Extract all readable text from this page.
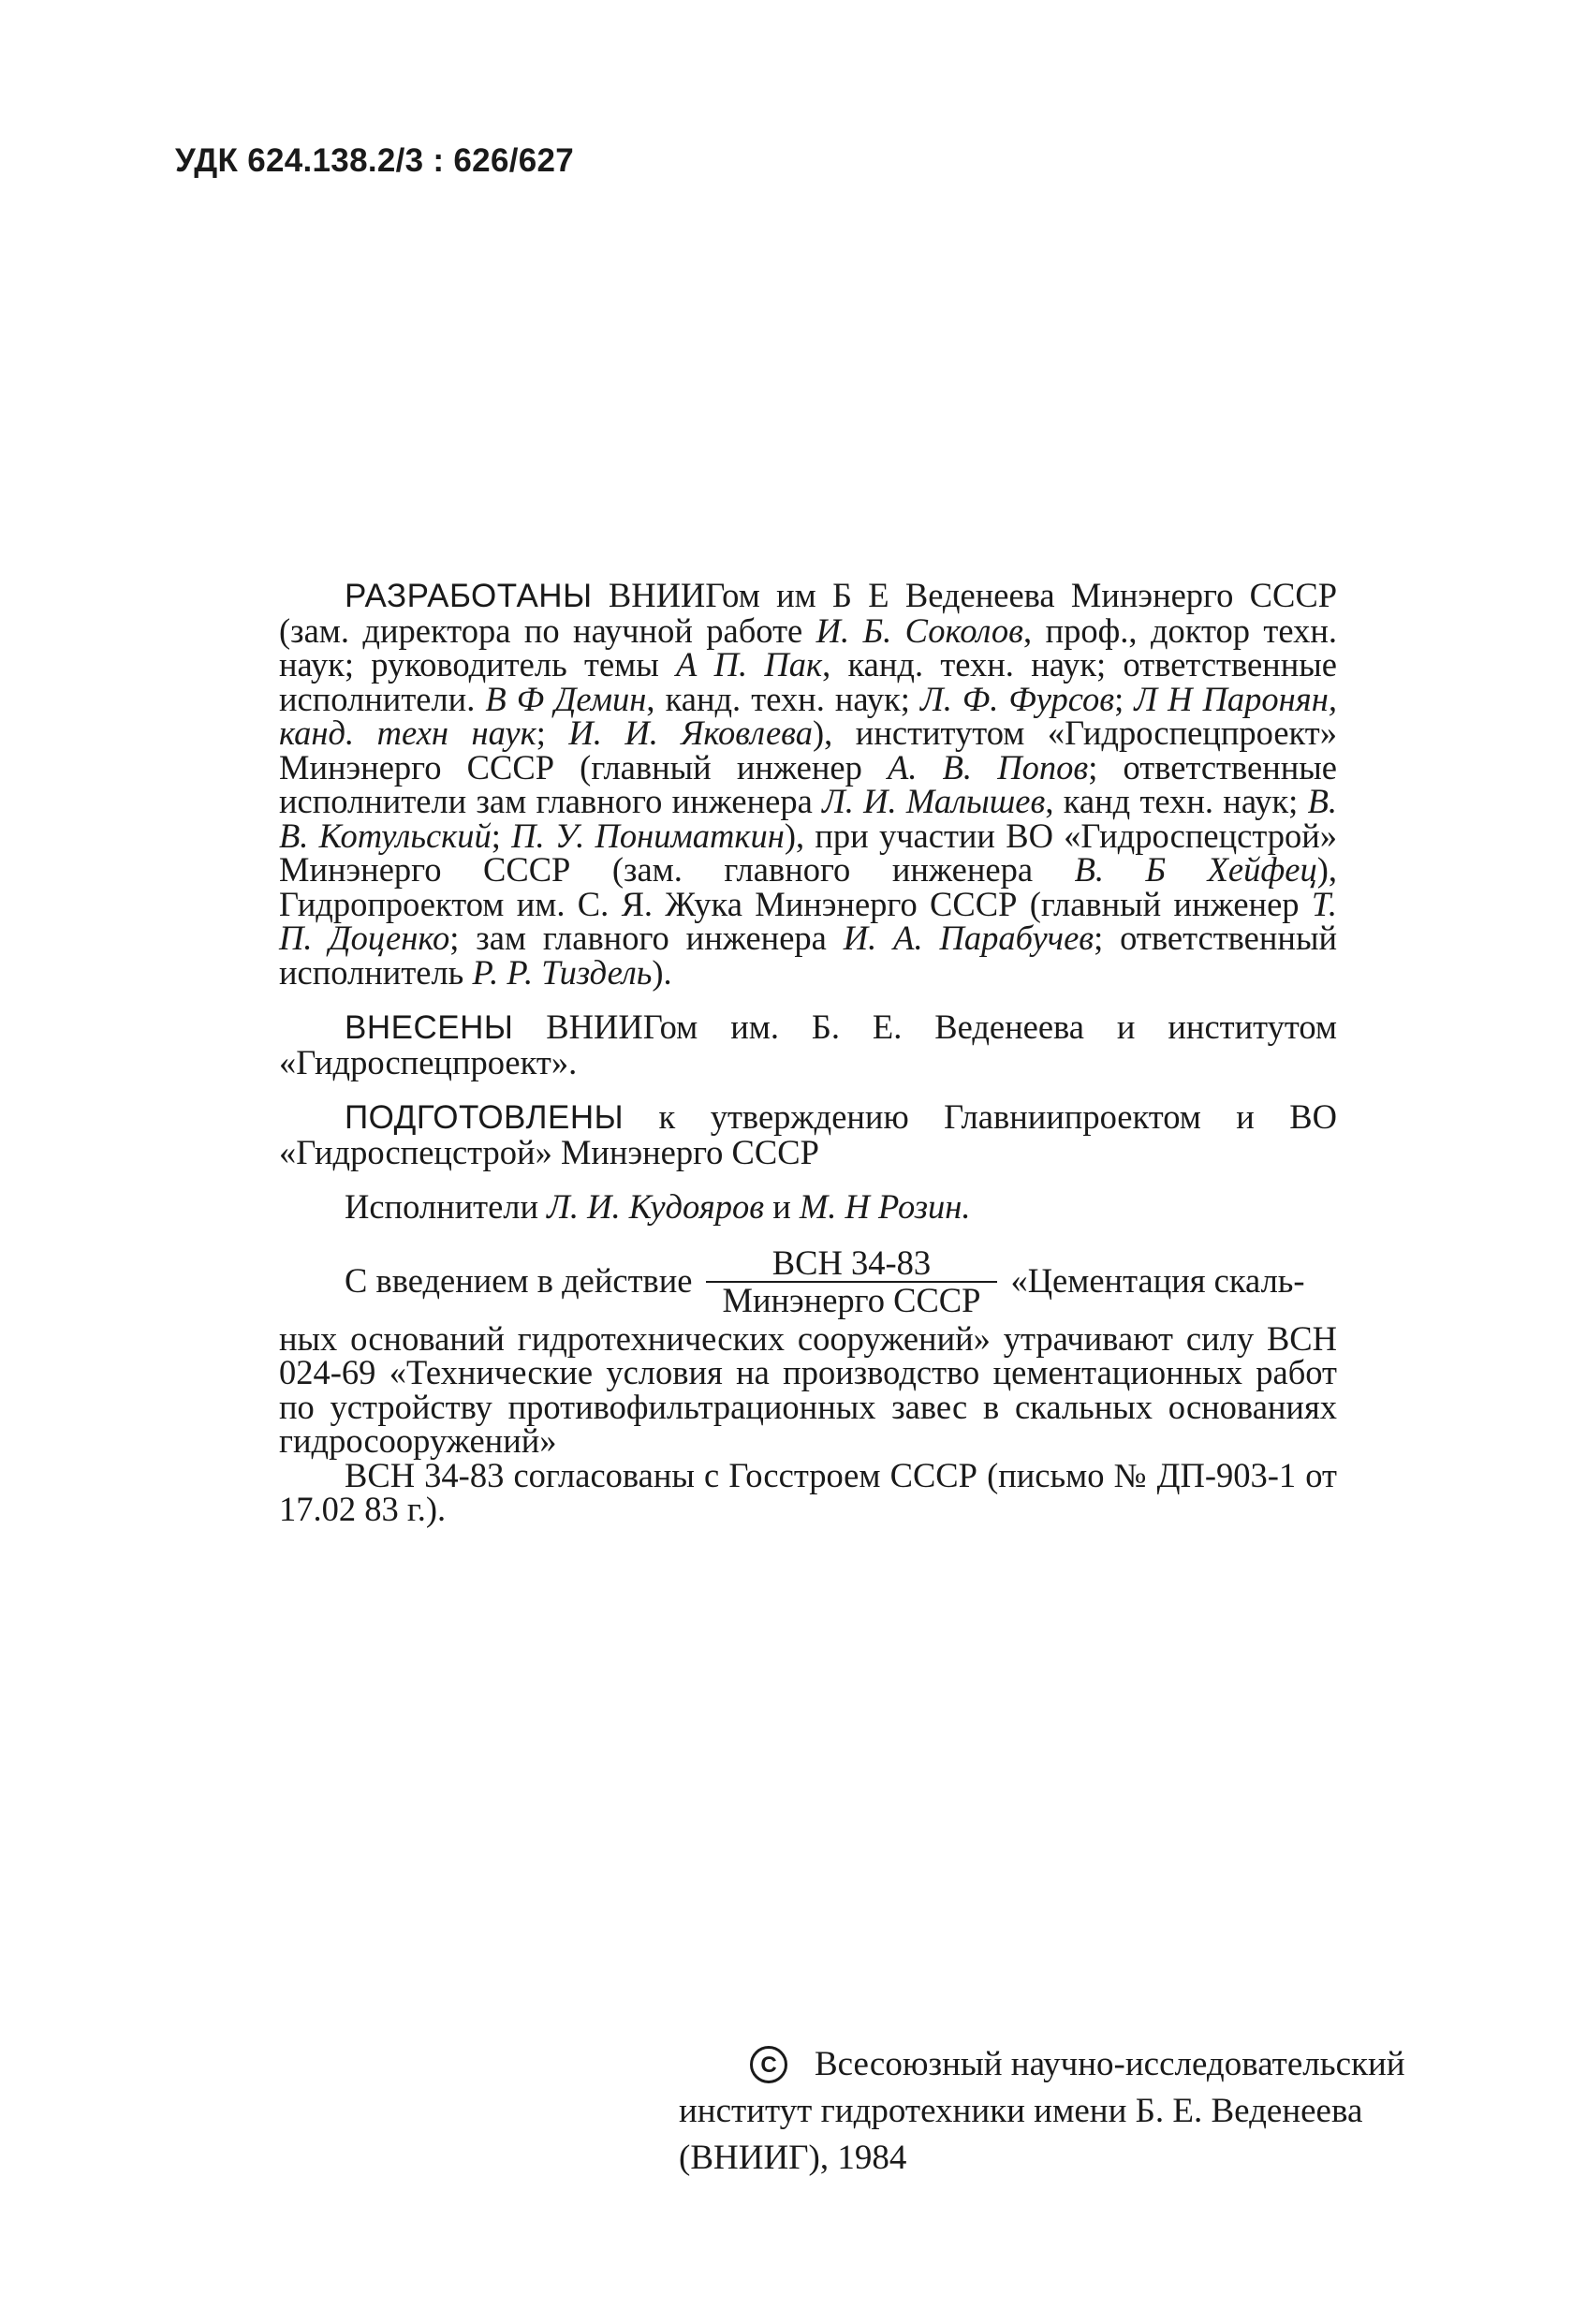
УДК 624.138.2/3 : 626/627

РАЗРАБОТАНЫ ВНИИГом им Б Е Веденеева Минэнерго СССР (зам. директора по научной работе И. Б. Соколов, проф., доктор техн. наук; руководитель темы А П. Пак, канд. техн. наук; ответственные исполнители. В Ф Демин, канд. техн. наук; Л. Ф. Фурсов; Л Н Паронян, канд. техн наук; И. И. Яковлева), институтом «Гидроспецпроект» Минэнерго СССР (главный инженер А. В. Попов; ответственные исполнители зам главного инженера Л. И. Малышев, канд техн. наук; В. В. Котульский; П. У. Пониматкин), при участии ВО «Гидроспецстрой» Минэнерго СССР (зам. главного инженера В. Б Хейфец), Гидропроектом им. С. Я. Жука Минэнерго СССР (главный инженер Т. П. Доценко; зам главного инженера И. А. Парабучев; ответственный исполнитель Р. Р. Тиздель).

ВНЕСЕНЫ ВНИИГом им. Б. Е. Веденеева и институтом «Гидроспецпроект».

ПОДГОТОВЛЕНЫ к утверждению Главниипроектом и ВО «Гидроспецстрой» Минэнерго СССР

Исполнители Л. И. Кудояров и М. Н Розин.

С введением в действие $\frac{\text{ВСН 34-83}}{\text{Минэнерго СССР}}$ «Цементация скаль-

ных оснований гидротехнических сооружений» утрачивают силу ВСН 024-69 «Технические условия на производство цементационных работ по устройству противофильтрационных завес в скальных основаниях гидросооружений»

ВСН 34-83 согласованы с Госстроем СССР (письмо № ДП-903-1 от 17.02 83 г.).

C	Всесоюзный научно-исследовательский
институт гидротехники имени Б. Е. Веденеева
(ВНИИГ), 1984
